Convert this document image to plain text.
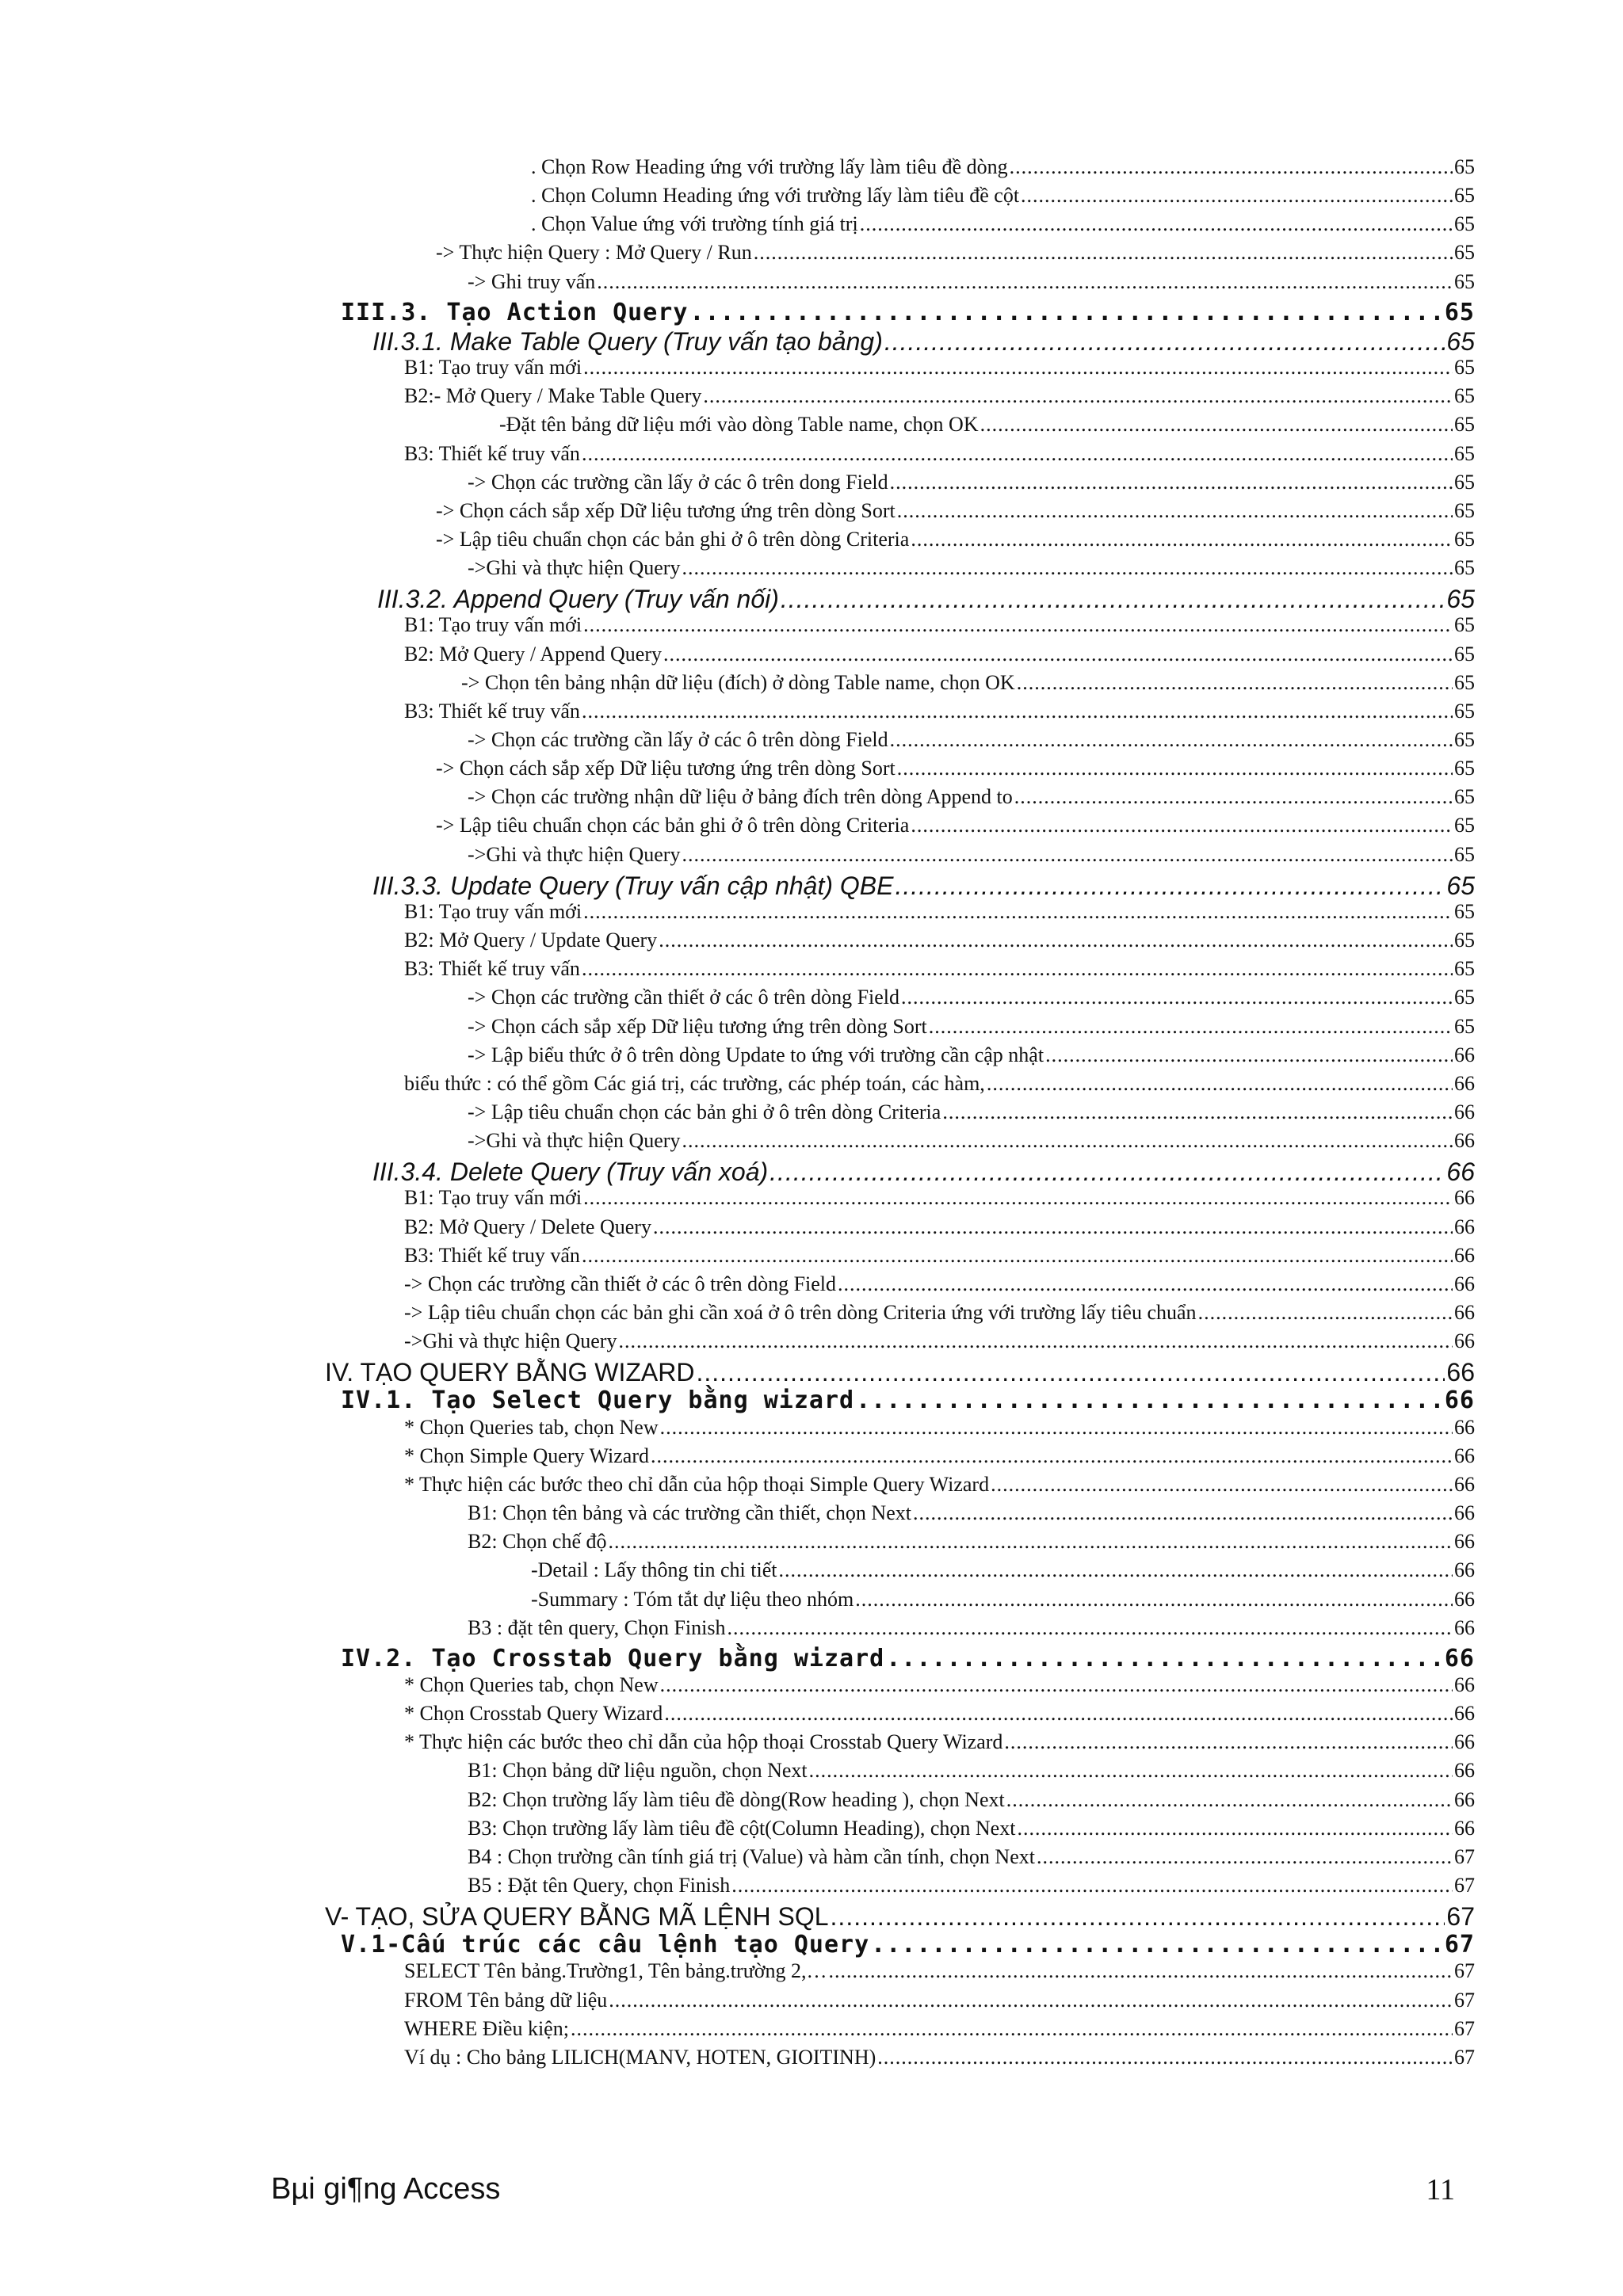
. Chọn Row Heading ứng với trường lấy làm tiêu đề dòng .....	65
. Chọn Column Heading ứng với trường lấy làm tiêu đề cột .....	65
. Chọn Value ứng với trường tính giá trị .....	65
-> Thực hiện Query : Mở Query / Run .....	65
-> Ghi truy vấn .....	65
III.3. Tạo Action Query .....	65
III.3.1. Make Table Query (Truy vấn tạo bảng) .....	65
B1: Tạo truy vấn mới .....	65
B2:- Mở Query / Make Table Query .....	65
-Đặt tên bảng dữ liệu mới vào dòng Table name, chọn OK .....	65
B3: Thiết kế truy vấn .....	65
-> Chọn các trường cần lấy ở các ô trên dong Field .....	65
-> Chọn cách sắp xếp Dữ liệu tương ứng trên dòng Sort .....	65
-> Lập tiêu chuẩn chọn các bản ghi ở ô trên dòng Criteria .....	65
->Ghi và thực hiện Query .....	65
III.3.2. Append Query (Truy vấn nối) .....	65
B1: Tạo truy vấn mới .....	65
B2: Mở Query / Append Query .....	65
-> Chọn tên bảng nhận dữ liệu (đích) ở dòng Table name, chọn OK .....	65
B3: Thiết kế truy vấn .....	65
-> Chọn các trường cần lấy ở các ô trên dòng Field .....	65
-> Chọn cách sắp xếp Dữ liệu tương ứng trên dòng Sort .....	65
-> Chọn các trường nhận dữ liệu ở bảng đích trên dòng Append to .....	65
-> Lập tiêu chuẩn chọn các bản ghi ở ô trên dòng Criteria .....	65
->Ghi và thực hiện Query .....	65
III.3.3. Update Query (Truy vấn cập nhật) QBE .....	65
B1: Tạo truy vấn mới .....	65
B2: Mở Query / Update Query .....	65
B3: Thiết kế truy vấn .....	65
-> Chọn các trường cần thiết ở các ô trên dòng Field .....	65
-> Chọn cách sắp xếp Dữ liệu tương ứng trên dòng Sort .....	65
-> Lập biểu thức ở ô trên dòng Update to ứng với trường cần cập nhật .....	66
biểu thức : có thể gồm Các giá trị, các trường, các phép toán, các hàm, .....	66
-> Lập tiêu chuẩn chọn các bản ghi ở ô trên dòng Criteria .....	66
->Ghi và thực hiện Query .....	66
III.3.4. Delete Query (Truy vấn xoá) .....	66
B1: Tạo truy vấn mới .....	66
B2: Mở Query / Delete Query .....	66
B3: Thiết kế truy vấn .....	66
-> Chọn các trường cần thiết ở các ô trên dòng Field .....	66
-> Lập tiêu chuẩn chọn các bản ghi cần xoá ở ô trên dòng Criteria ứng với trường lấy tiêu chuẩn .....	66
->Ghi và thực hiện Query .....	66
IV. TẠO QUERY BẰNG WIZARD .....	66
IV.1. Tạo Select Query bằng wizard .....	66
* Chọn Queries tab, chọn New .....	66
* Chọn Simple Query Wizard .....	66
* Thực hiện các bước theo chỉ dẫn của hộp thoại Simple Query Wizard .....	66
B1: Chọn tên bảng và các trường cần thiết, chọn Next .....	66
B2: Chọn chế độ .....	66
-Detail : Lấy thông tin chi tiết .....	66
-Summary : Tóm tắt dự liệu theo nhóm .....	66
B3 : đặt tên query, Chọn Finish .....	66
IV.2. Tạo Crosstab Query bằng wizard .....	66
* Chọn Queries tab, chọn New .....	66
* Chọn Crosstab Query Wizard .....	66
* Thực hiện các bước theo chỉ dẫn của hộp thoại Crosstab Query Wizard .....	66
B1: Chọn bảng dữ liệu nguồn, chọn Next .....	66
B2: Chọn trường lấy làm tiêu đề dòng(Row heading ), chọn Next .....	66
B3: Chọn trường lấy làm tiêu đề cột(Column Heading), chọn Next .....	66
B4 : Chọn trường cần tính giá trị (Value) và hàm cần tính, chọn Next .....	67
B5 : Đặt tên Query, chọn Finish .....	67
V- TẠO, SỬA QUERY BẰNG MÃ LỆNH SQL .....	67
V.1-Cấu trúc các câu lệnh tạo Query .....	67
SELECT Tên bảng.Trường1, Tên bảng.trường 2,… .....	67
FROM Tên bảng dữ liệu .....	67
WHERE Điều kiện; .....	67
Ví dụ : Cho bảng LILICH(MANV, HOTEN, GIOITINH) .....	67
Bµi gi¶ng Access	11
